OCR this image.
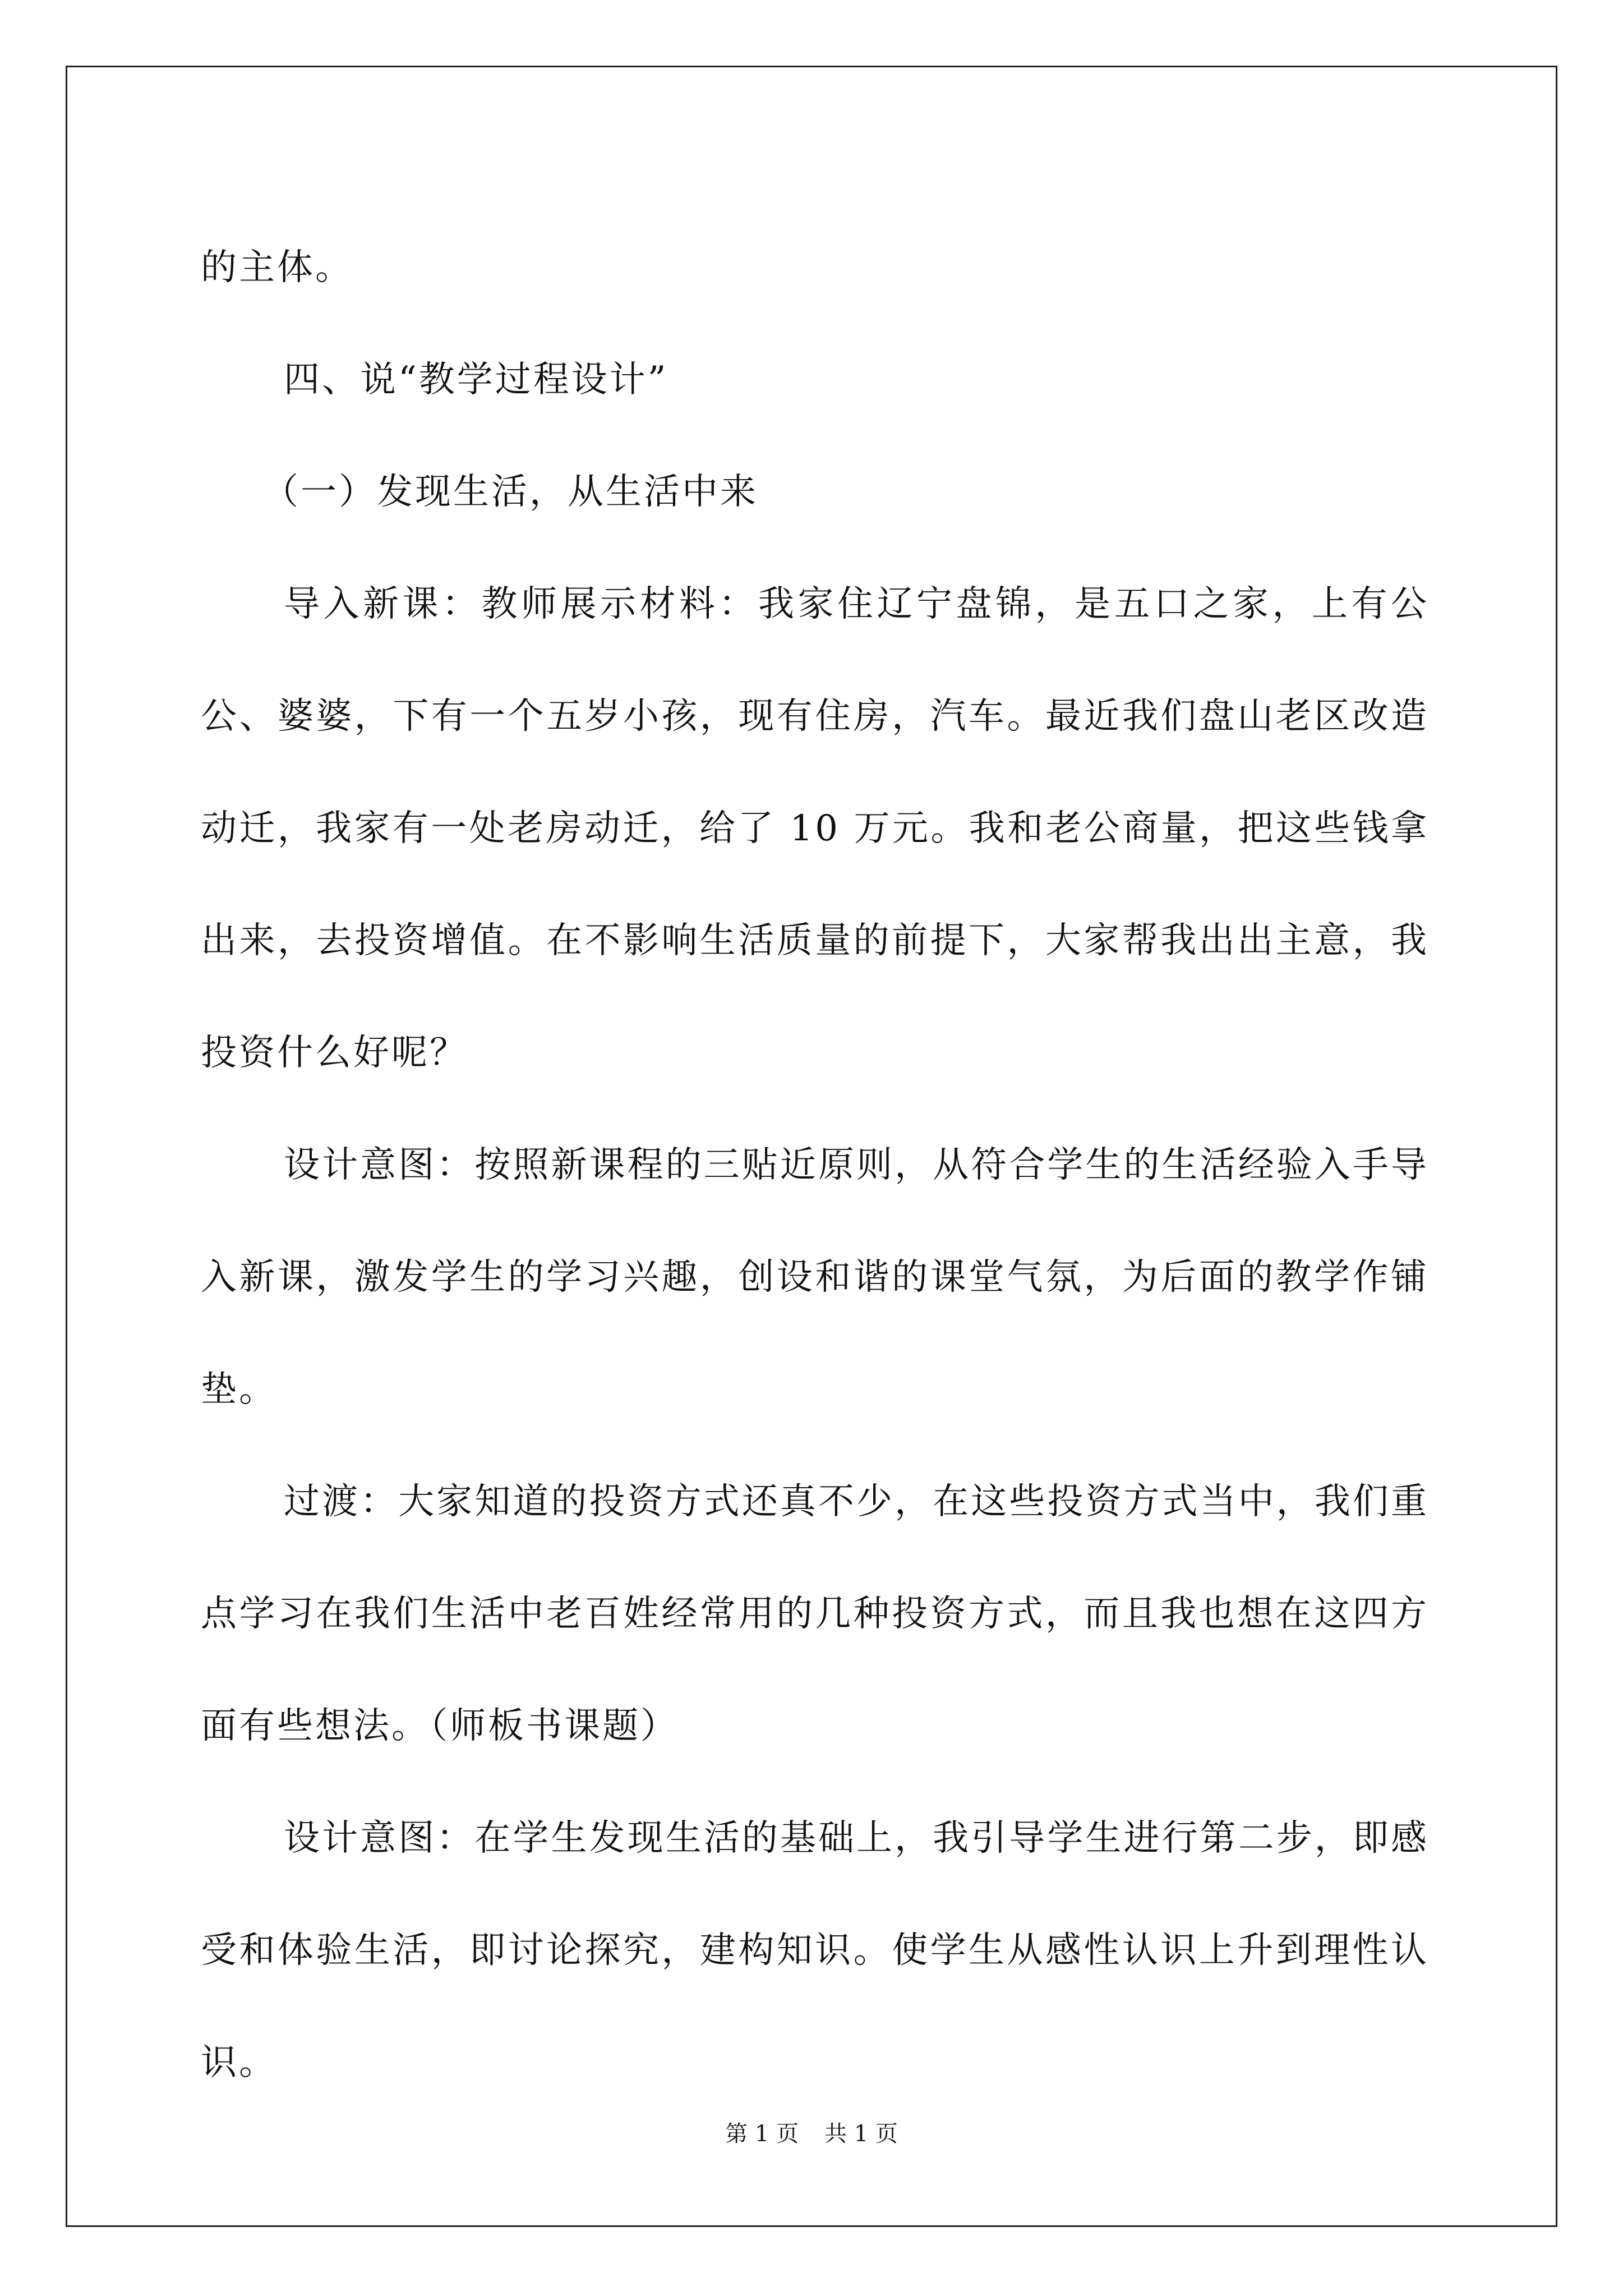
的主体。

四、说“教学过程设计”

（一）发现生活，从生活中来

导入新课：教师展示材料：我家住辽宁盘锦，是五口之家，上有公公、婆婆，下有一个五岁小孩，现有住房，汽车。最近我们盘山老区改造动迁，我家有一处老房动迁，给了 10 万元。我和老公商量，把这些钱拿出来，去投资增值。在不影响生活质量的前提下，大家帮我出出主意，我投资什么好呢？

设计意图：按照新课程的三贴近原则，从符合学生的生活经验入手导入新课，激发学生的学习兴趣，创设和谐的课堂气氛，为后面的教学作铺垫。

过渡：大家知道的投资方式还真不少，在这些投资方式当中，我们重点学习在我们生活中老百姓经常用的几种投资方式，而且我也想在这四方面有些想法。（师板书课题）

设计意图：在学生发现生活的基础上，我引导学生进行第二步，即感受和体验生活，即讨论探究，建构知识。使学生从感性认识上升到理性认识。

第 1 页 共 1 页
